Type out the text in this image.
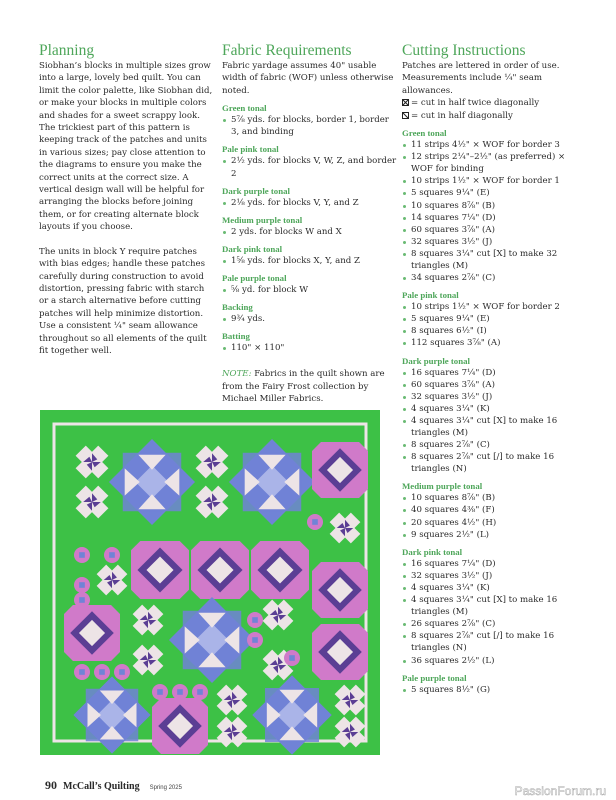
Planning

Siobhan’s blocks in multiple sizes grow into a large, lovely bed quilt. You can limit the color palette, like Siobhan did, or make your blocks in multiple colors and shades for a sweet scrappy look. The trickiest part of this pattern is keeping track of the patches and units in various sizes; pay close attention to the diagrams to ensure you make the correct units at the correct size. A vertical design wall will be helpful for arranging the blocks before joining them, or for creating alternate block layouts if you choose.

The units in block Y require patches with bias edges; handle these patches carefully during construction to avoid distortion, pressing fabric with starch or a starch alternative before cutting patches will help minimize distortion. Use a consistent ¼" seam allowance throughout so all elements of the quilt fit together well.

Fabric Requirements

Fabric yardage assumes 40" usable width of fabric (WOF) unless otherwise noted.

Green tonal
5⅞ yds. for blocks, border 1, border 3, and binding
Pale pink tonal
2½ yds. for blocks V, W, Z, and border 2
Dark purple tonal
2⅛ yds. for blocks V, Y, and Z
Medium purple tonal
2 yds. for blocks W and X
Dark pink tonal
1⅝ yds. for blocks X, Y, and Z
Pale purple tonal
⅝ yd. for block W
Backing
9¾ yds.
Batting
110" × 110"

NOTE: Fabrics in the quilt shown are from the Fairy Frost collection by Michael Miller Fabrics.

Cutting Instructions

Patches are lettered in order of use. Measurements include ¼" seam allowances.

= cut in half twice diagonally

= cut in half diagonally

Green tonal
11 strips 4½" × WOF for border 3
12 strips 2¼"–2½" (as preferred) × WOF for binding
10 strips 1½" × WOF for border 1
5 squares 9¼" (E)
10 squares 8⅞" (B)
14 squares 7¼" (D)
60 squares 3⅞" (A)
32 squares 3½" (J)
8 squares 3¼" cut [X] to make 32 triangles (M)
34 squares 2⅞" (C)
Pale pink tonal
10 strips 1½" × WOF for border 2
5 squares 9¼" (E)
8 squares 6½" (I)
112 squares 3⅞" (A)
Dark purple tonal
16 squares 7¼" (D)
60 squares 3⅞" (A)
32 squares 3½" (J)
4 squares 3¼" (K)
4 squares 3¼" cut [X] to make 16 triangles (M)
8 squares 2⅞" (C)
8 squares 2⅞" cut [/] to make 16 triangles (N)
Medium purple tonal
10 squares 8⅞" (B)
40 squares 4⅜" (F)
20 squares 4½" (H)
9 squares 2½" (L)
Dark pink tonal
16 squares 7¼" (D)
32 squares 3½" (J)
4 squares 3¼" (K)
4 squares 3¼" cut [X] to make 16 triangles (M)
26 squares 2⅞" (C)
8 squares 2⅞" cut [/] to make 16 triangles (N)
36 squares 2½" (L)
Pale purple tonal
5 squares 8½" (G)
90 McCall’s Quilting Spring 2025	PassionForum.ru
